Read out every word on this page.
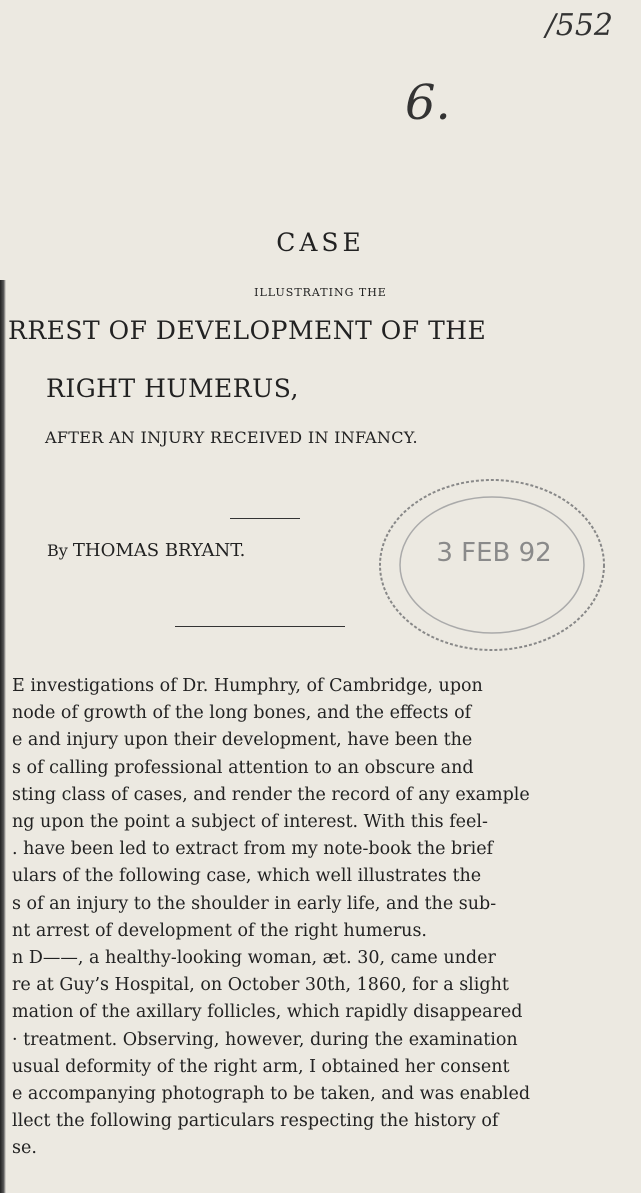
/552
6.
CASE
ILLUSTRATING THE
RREST OF DEVELOPMENT OF THE
RIGHT HUMERUS,
AFTER AN INJURY RECEIVED IN INFANCY.
By THOMAS BRYANT.	3 FEB 92

E investigations of Dr. Humphry, of Cambridge, upon

node of growth of the long bones, and the effects of

e and injury upon their development, have been the

s of calling professional attention to an obscure and

sting class of cases, and render the record of any example

ng upon the point a subject of interest. With this feel-

. have been led to extract from my note-book the brief

ulars of the following case, which well illustrates the

s of an injury to the shoulder in early life, and the sub-

nt arrest of development of the right humerus.

n D——, a healthy-looking woman, æt. 30, came under

re at Guy’s Hospital, on October 30th, 1860, for a slight

mation of the axillary follicles, which rapidly disappeared

· treatment. Observing, however, during the examination

usual deformity of the right arm, I obtained her consent

e accompanying photograph to be taken, and was enabled

llect the following particulars respecting the history of

se.
